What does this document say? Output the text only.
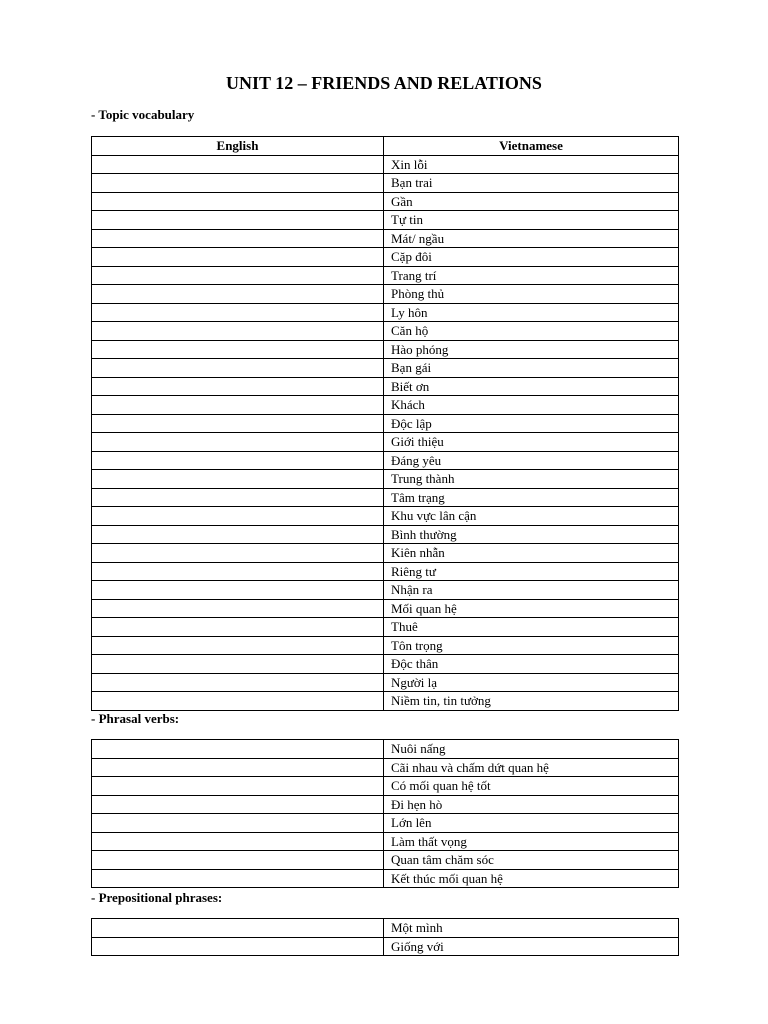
UNIT 12 – FRIENDS AND RELATIONS
- Topic vocabulary
English	Vietnamese
	Xin lỗi
	Bạn trai
	Gần
	Tự tin
	Mát/ ngầu
	Cặp đôi
	Trang trí
	Phòng thủ
	Ly hôn
	Căn hộ
	Hào phóng
	Bạn gái
	Biết ơn
	Khách
	Độc lập
	Giới thiệu
	Đáng yêu
	Trung thành
	Tâm trạng
	Khu vực lân cận
	Bình thường
	Kiên nhẫn
	Riêng tư
	Nhận ra
	Mối quan hệ
	Thuê
	Tôn trọng
	Độc thân
	Người lạ
	Niềm tin, tin tưởng
- Phrasal verbs:
	Nuôi nấng
	Cãi nhau và chấm dứt quan hệ
	Có mối quan hệ tốt
	Đi hẹn hò
	Lớn lên
	Làm thất vọng
	Quan tâm chăm sóc
	Kết thúc mối quan hệ
- Prepositional phrases:
	Một mình
	Giống với
